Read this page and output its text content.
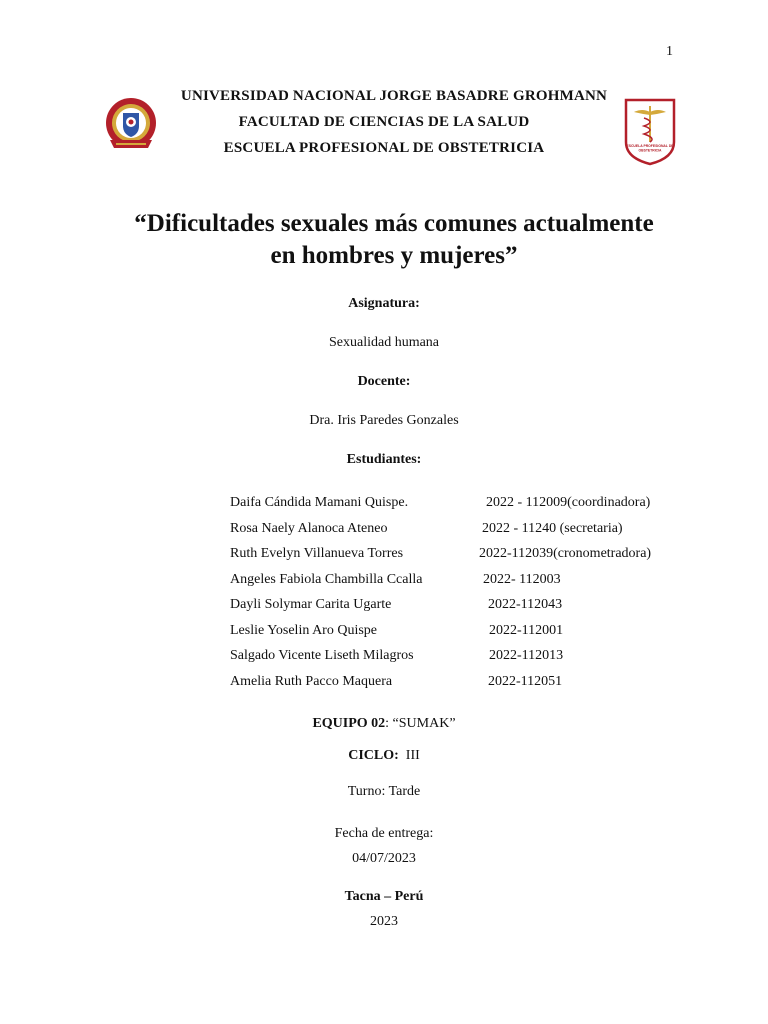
1
ESCUELA PROFESIONAL DE
OBSTETRICIA
UNIVERSIDAD NACIONAL JORGE BASADRE GROHMANN
FACULTAD DE CIENCIAS DE LA SALUD
ESCUELA PROFESIONAL DE OBSTETRICIA
“Dificultades sexuales más comunes actualmente
en hombres y mujeres”
Asignatura:
Sexualidad humana
Docente:
Dra. Iris Paredes Gonzales
Estudiantes:
Daifa Cándida Mamani Quispe.	2022 - 112009(coordinadora)
Rosa Naely Alanoca Ateneo	2022 - 11240 (secretaria)
Ruth Evelyn Villanueva Torres	2022-112039(cronometradora)
Angeles Fabiola Chambilla Ccalla	2022- 112003
Dayli Solymar Carita Ugarte	2022-112043
Leslie Yoselin Aro Quispe	2022-112001
Salgado Vicente Liseth Milagros	2022-112013
Amelia Ruth Pacco Maquera	2022-112051
EQUIPO 02: “SUMAK”
CICLO: III
Turno: Tarde
Fecha de entrega:
04/07/2023
Tacna – Perú
2023
